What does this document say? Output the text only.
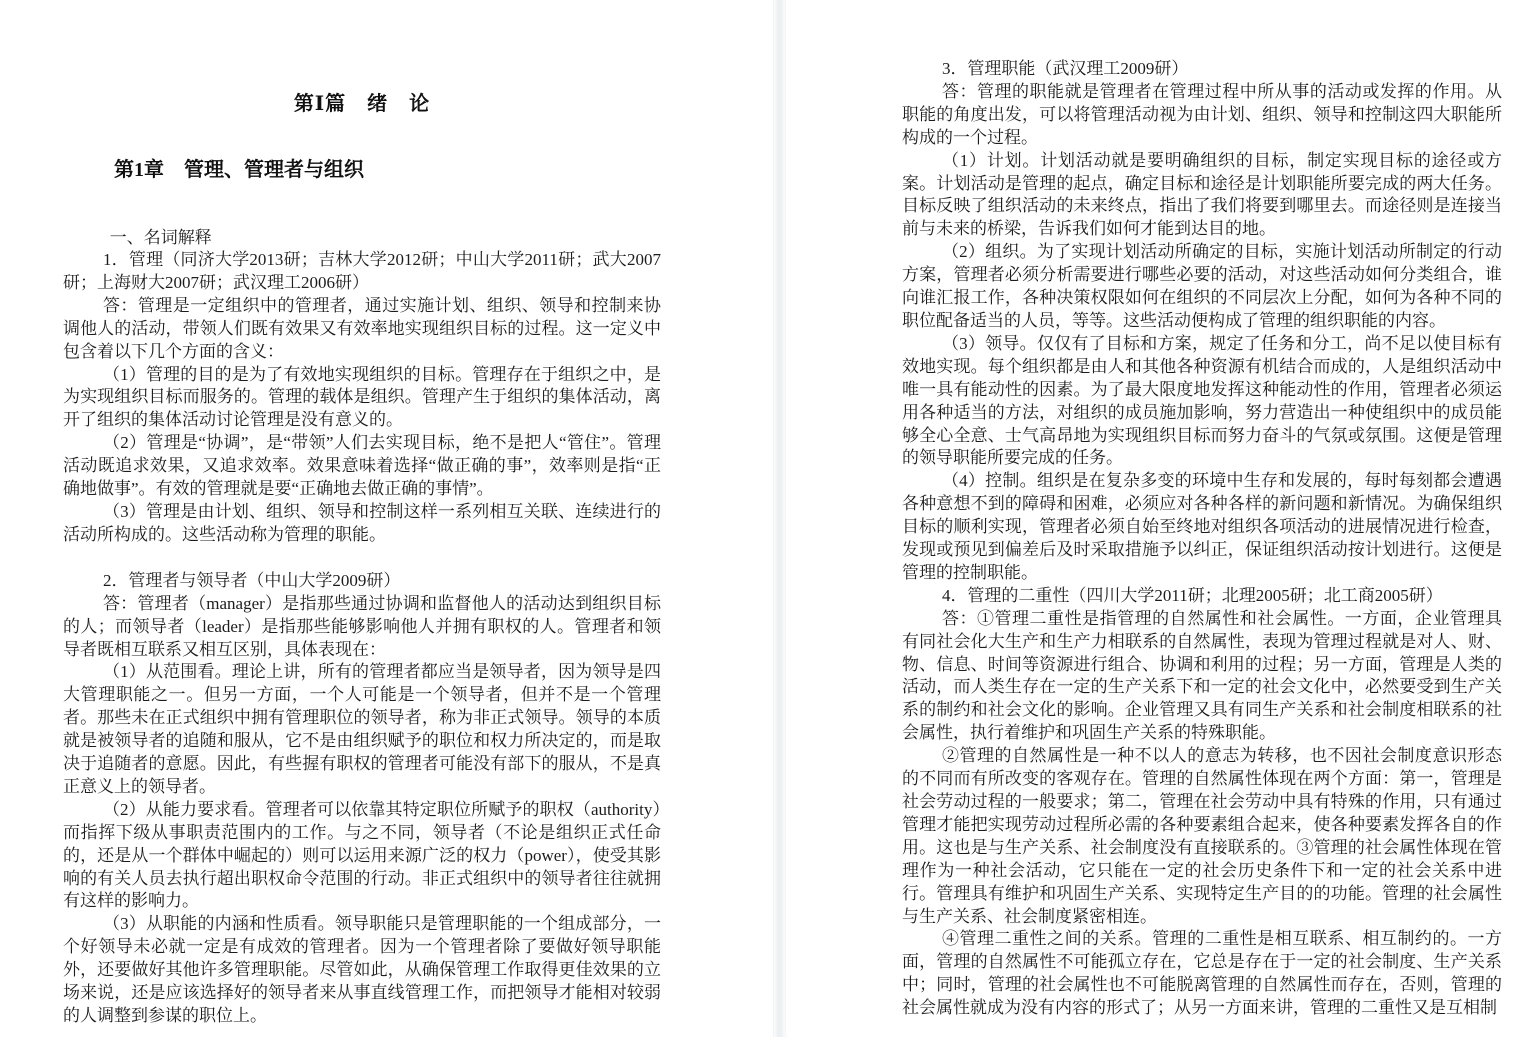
第Ⅰ篇　绪　论
第1章　管理、管理者与组织
一、名词解释

1．管理（同济大学2013研；吉林大学2012研；中山大学2011研；武大2007研；上海财大2007研；武汉理工2006研）

答：管理是一定组织中的管理者，通过实施计划、组织、领导和控制来协调他人的活动，带领人们既有效果又有效率地实现组织目标的过程。这一定义中包含着以下几个方面的含义：

（1）管理的目的是为了有效地实现组织的目标。管理存在于组织之中，是为实现组织目标而服务的。管理的载体是组织。管理产生于组织的集体活动，离开了组织的集体活动讨论管理是没有意义的。

（2）管理是“协调”，是“带领”人们去实现目标，绝不是把人“管住”。管理活动既追求效果，又追求效率。效果意味着选择“做正确的事”，效率则是指“正确地做事”。有效的管理就是要“正确地去做正确的事情”。

（3）管理是由计划、组织、领导和控制这样一系列相互关联、连续进行的活动所构成的。这些活动称为管理的职能。

2．管理者与领导者（中山大学2009研）

答：管理者（manager）是指那些通过协调和监督他人的活动达到组织目标的人；而领导者（leader）是指那些能够影响他人并拥有职权的人。管理者和领导者既相互联系又相互区别，具体表现在：

（1）从范围看。理论上讲，所有的管理者都应当是领导者，因为领导是四大管理职能之一。但另一方面，一个人可能是一个领导者，但并不是一个管理者。那些未在正式组织中拥有管理职位的领导者，称为非正式领导。领导的本质就是被领导者的追随和服从，它不是由组织赋予的职位和权力所决定的，而是取决于追随者的意愿。因此，有些握有职权的管理者可能没有部下的服从，不是真正意义上的领导者。

（2）从能力要求看。管理者可以依靠其特定职位所赋予的职权（authority）而指挥下级从事职责范围内的工作。与之不同，领导者（不论是组织正式任命的，还是从一个群体中崛起的）则可以运用来源广泛的权力（power），使受其影响的有关人员去执行超出职权命令范围的行动。非正式组织中的领导者往往就拥有这样的影响力。

（3）从职能的内涵和性质看。领导职能只是管理职能的一个组成部分，一个好领导未必就一定是有成效的管理者。因为一个管理者除了要做好领导职能外，还要做好其他许多管理职能。尽管如此，从确保管理工作取得更佳效果的立场来说，还是应该选择好的领导者来从事直线管理工作，而把领导才能相对较弱的人调整到参谋的职位上。

3．管理职能（武汉理工2009研）

答：管理的职能就是管理者在管理过程中所从事的活动或发挥的作用。从职能的角度出发，可以将管理活动视为由计划、组织、领导和控制这四大职能所构成的一个过程。

（1）计划。计划活动就是要明确组织的目标，制定实现目标的途径或方案。计划活动是管理的起点，确定目标和途径是计划职能所要完成的两大任务。目标反映了组织活动的未来终点，指出了我们将要到哪里去。而途径则是连接当前与未来的桥梁，告诉我们如何才能到达目的地。

（2）组织。为了实现计划活动所确定的目标，实施计划活动所制定的行动方案，管理者必须分析需要进行哪些必要的活动，对这些活动如何分类组合，谁向谁汇报工作，各种决策权限如何在组织的不同层次上分配，如何为各种不同的职位配备适当的人员，等等。这些活动便构成了管理的组织职能的内容。

（3）领导。仅仅有了目标和方案，规定了任务和分工，尚不足以使目标有效地实现。每个组织都是由人和其他各种资源有机结合而成的，人是组织活动中唯一具有能动性的因素。为了最大限度地发挥这种能动性的作用，管理者必须运用各种适当的方法，对组织的成员施加影响，努力营造出一种使组织中的成员能够全心全意、士气高昂地为实现组织目标而努力奋斗的气氛或氛围。这便是管理的领导职能所要完成的任务。

（4）控制。组织是在复杂多变的环境中生存和发展的，每时每刻都会遭遇各种意想不到的障碍和困难，必须应对各种各样的新问题和新情况。为确保组织目标的顺利实现，管理者必须自始至终地对组织各项活动的进展情况进行检查，发现或预见到偏差后及时采取措施予以纠正，保证组织活动按计划进行。这便是管理的控制职能。

4．管理的二重性（四川大学2011研；北理2005研；北工商2005研）

答：①管理二重性是指管理的自然属性和社会属性。一方面，企业管理具有同社会化大生产和生产力相联系的自然属性，表现为管理过程就是对人、财、物、信息、时间等资源进行组合、协调和利用的过程；另一方面，管理是人类的活动，而人类生存在一定的生产关系下和一定的社会文化中，必然要受到生产关系的制约和社会文化的影响。企业管理又具有同生产关系和社会制度相联系的社会属性，执行着维护和巩固生产关系的特殊职能。

②管理的自然属性是一种不以人的意志为转移，也不因社会制度意识形态的不同而有所改变的客观存在。管理的自然属性体现在两个方面：第一，管理是社会劳动过程的一般要求；第二，管理在社会劳动中具有特殊的作用，只有通过管理才能把实现劳动过程所必需的各种要素组合起来，使各种要素发挥各自的作用。这也是与生产关系、社会制度没有直接联系的。③管理的社会属性体现在管理作为一种社会活动，它只能在一定的社会历史条件下和一定的社会关系中进行。管理具有维护和巩固生产关系、实现特定生产目的的功能。管理的社会属性与生产关系、社会制度紧密相连。

④管理二重性之间的关系。管理的二重性是相互联系、相互制约的。一方面，管理的自然属性不可能孤立存在，它总是存在于一定的社会制度、生产关系中；同时，管理的社会属性也不可能脱离管理的自然属性而存在，否则，管理的社会属性就成为没有内容的形式了；从另一方面来讲，管理的二重性又是互相制
